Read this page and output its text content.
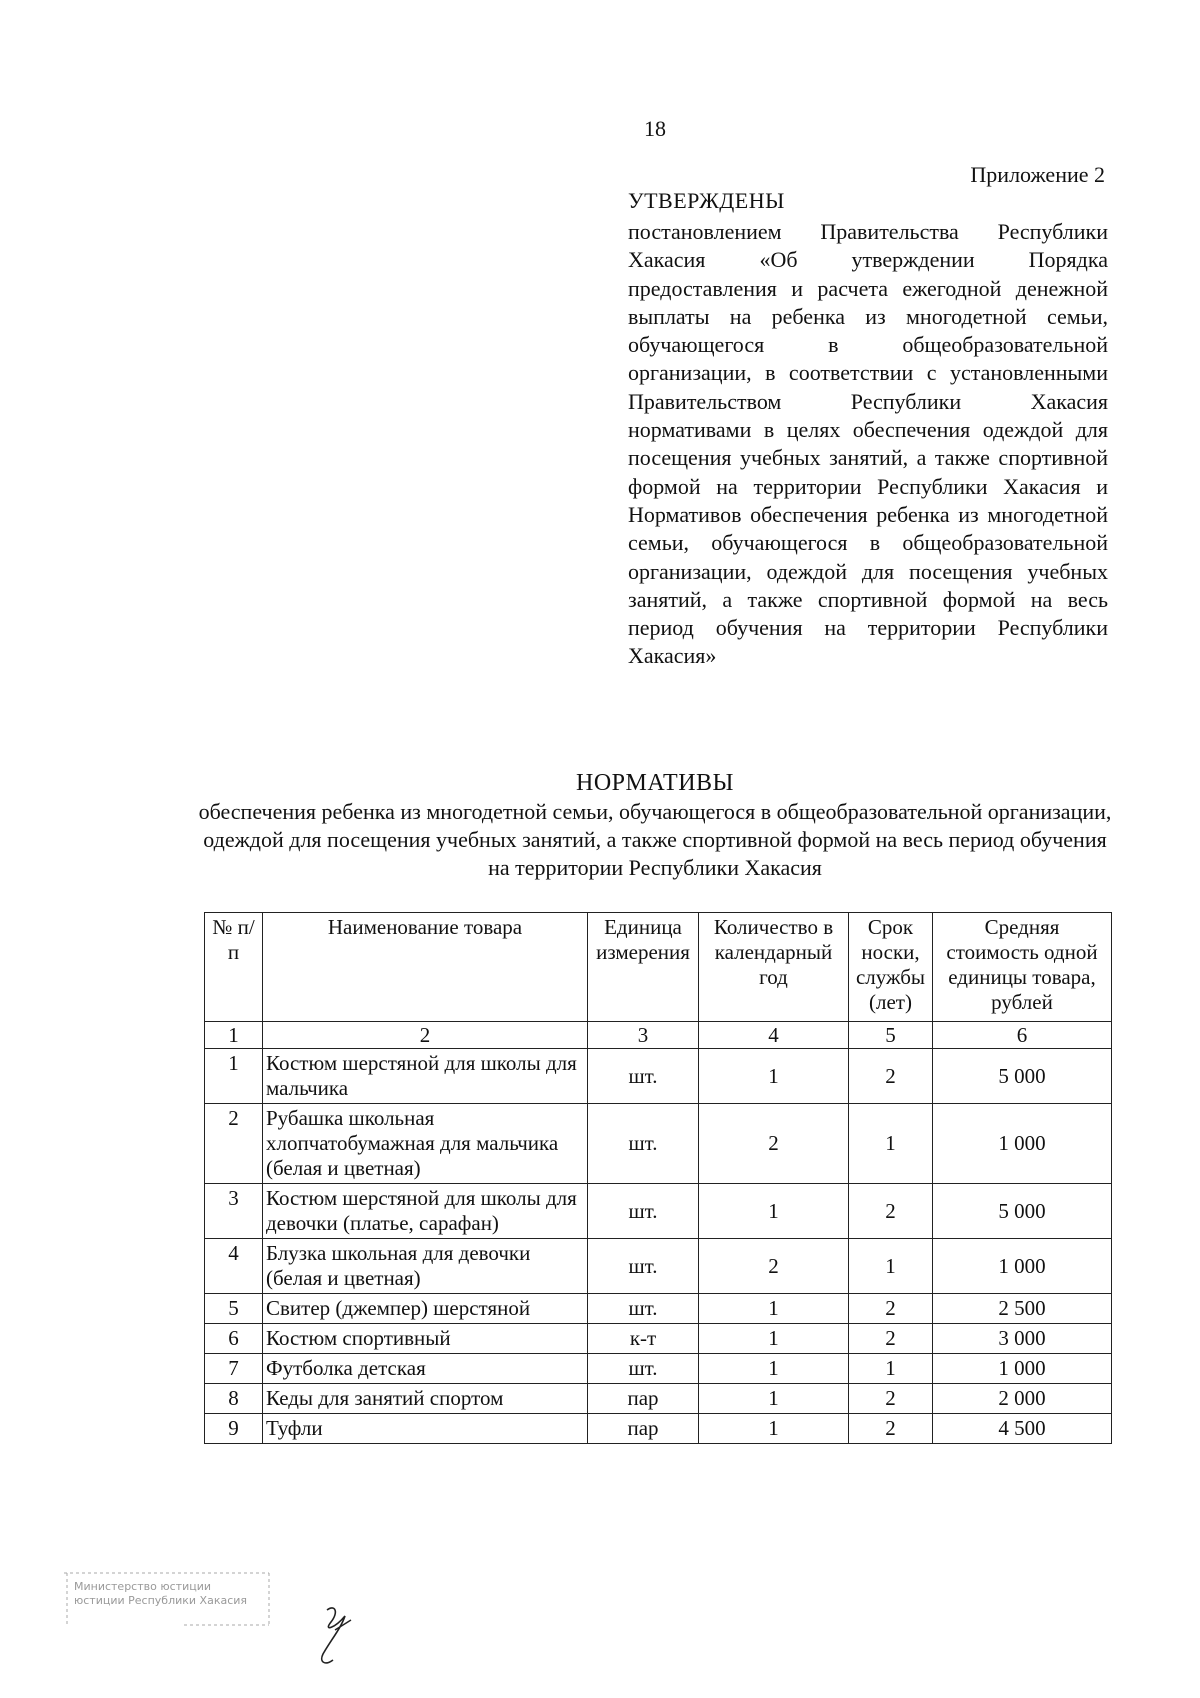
18
Приложение 2
УТВЕРЖДЕНЫ
постановлением Правительства Республики Хакасия «Об утверждении Порядка предоставления и расчета ежегодной денежной выплаты на ребенка из многодетной семьи, обучающегося в общеобразовательной организации, в соответствии с установленными Правительством Республики Хакасия нормативами в целях обеспечения одеждой для посещения учебных занятий, а также спортивной формой на территории Республики Хакасия и Нормативов обеспечения ребенка из многодетной семьи, обучающегося в общеобразовательной организации, одеждой для посещения учебных занятий, а также спортивной формой на весь период обучения на территории Республики Хакасия»
НОРМАТИВЫ
обеспечения ребенка из многодетной семьи, обучающегося в общеобразовательной организации, одеждой для посещения учебных занятий, а также спортивной формой на весь период обучения на территории Республики Хакасия
№ п/п	Наименование товара	Единица измерения	Количество в календарный год	Срок носки, службы (лет)	Средняя стоимость одной единицы товара, рублей
1	2	3	4	5	6
1	Костюм шерстяной для школы для мальчика	шт.	1	2	5 000
2	Рубашка школьная хлопчатобумажная для мальчика (белая и цветная)	шт.	2	1	1 000
3	Костюм шерстяной для школы для девочки (платье, сарафан)	шт.	1	2	5 000
4	Блузка школьная для девочки (белая и цветная)	шт.	2	1	1 000
5	Свитер (джемпер) шерстяной	шт.	1	2	2 500
6	Костюм спортивный	к-т	1	2	3 000
7	Футболка детская	шт.	1	1	1 000
8	Кеды для занятий спортом	пар	1	2	2 000
9	Туфли	пар	1	2	4 500
Министерство юстиции
юстиции Республики Хакасия
